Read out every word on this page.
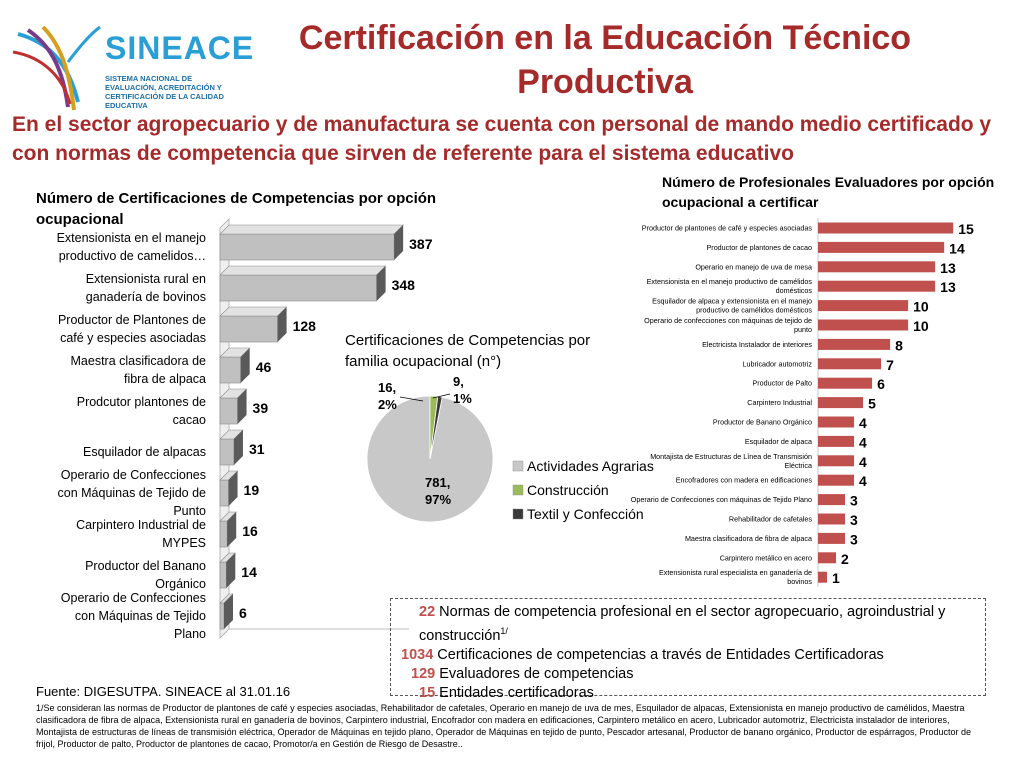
SINEACE
SISTEMA NACIONAL DE EVALUACIÓN, ACREDITACIÓN Y CERTIFICACIÓN DE LA CALIDAD EDUCATIVA
Certificación en la Educación Técnico Productiva
En el sector agropecuario y de manufactura se cuenta con personal de mando medio certificado y con normas de competencia que sirven de referente para el sistema educativo
Número de Certificaciones de Competencias por opción ocupacional
387
Extensionista en el manejo
productivo de camelidos…
348
Extensionista rural en
ganadería de bovinos
128
Productor de Plantones de
café y especies asociadas
46
Maestra clasificadora de
fibra de alpaca
39
Prodcutor plantones de
cacao
31
Esquilador de alpacas
19
Operario de Confecciones
con Máquinas de Tejido de
Punto
16
Carpintero Industrial de
MYPES
14
Productor del Banano
Orgánico
6
Operario de Confecciones
con Máquinas de Tejido
Plano
Certificaciones de Competencias por familia ocupacional (n°)
781,
97%
16,
2%
9,
1%
Actividades Agrarias
Construcción
Textil y Confección
Número de Profesionales Evaluadores por opción ocupacional a certificar
15
Productor de plantones de café y especies asociadas
14
Productor de plantones de cacao
13
Operario en manejo de uva de mesa
13
Extensionista en el manejo productivo de camélidos
domésticos
10
Esquilador de alpaca y extensionista en el manejo
productivo de camélidos domésticos
10
Operario de confecciones con máquinas de tejido de
punto
8
Electricista Instalador de interiores
7
Lubricador automotriz
6
Productor de Palto
5
Carpintero Industrial
4
Productor de Banano Orgánico
4
Esquilador de alpaca
4
Montajista de Estructuras de Línea de Transmisión
Eléctrica
4
Encofradores con madera en edificaciones
3
Operario de Confecciones con máquinas de Tejido Plano
3
Rehabilitador de cafetales
3
Maestra clasificadora de fibra de alpaca
2
Carpintero metálico en acero
1
Extensionista rural especialista en ganadería de
bovinos
22 Normas de competencia profesional en el sector agropecuario, agroindustrial y construcción$^{1/}$
1034 Certificaciones de competencias a través de Entidades Certificadoras
129 Evaluadores de competencias
15 Entidades certificadoras
Fuente: DIGESUTPA. SINEACE al 31.01.16
1/Se consideran las normas de Productor de plantones de café y especies asociadas, Rehabilitador de cafetales, Operario en manejo de uva de mes, Esquilador de alpacas, Extensionista en manejo productivo de camélidos, Maestra clasificadora de fibra de alpaca, Extensionista rural en ganadería de bovinos, Carpintero industrial, Encofrador con madera en edificaciones, Carpintero metálico en acero, Lubricador automotriz, Electricista instalador de interiores, Montajista de estructuras de líneas de transmisión eléctrica, Operador de Máquinas en tejido plano, Operador de Máquinas en tejido de punto, Pescador artesanal, Productor de banano orgánico, Productor de espárragos, Productor de frijol, Productor de palto, Productor de plantones de cacao, Promotor/a en Gestión de Riesgo de Desastre..
